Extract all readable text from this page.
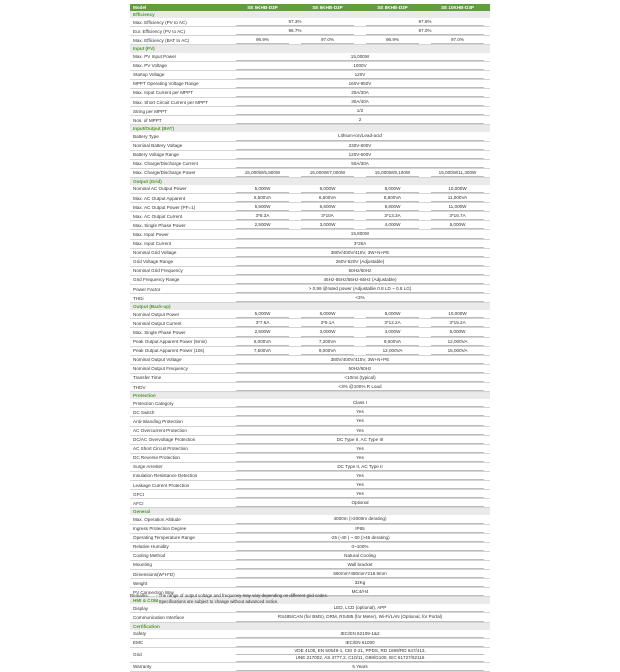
Model	SE 5KHB-D3P	SE 6KHB-D3P	SE 8KHB-D3P	SE 10KHB-D3P
Efficiency				
Max. Efficiency (PV to AC)	97.3%		97.8%	

Eur. Efficiency (PV to AC)	96.7%		97.0%	

Max. Efficiency (BAT to AC)	96.9%	97.0%	96.9%	97.0%

Input (PV)				
Max. PV Input Power	15,000W			

Max. PV Voltage	1000V			

Startup Voltage	120V			

MPPT Operating Voltage Range	160V-950V			

Max. Input Current per MPPT	20A/30A			

Max. Short Circuit Current per MPPT	30A/40A			

String per MPPT	1/2			

Nos. of MPPT	2			

Input/Output (BAT)				
Battery Type	Lithium-ion/Lead-acid			

Nominal Battery Voltage	230V-600V			

Battery Voltage Range	120V-600V			

Max. Charge/Discharge Current	50A/30A			

Max. Charge/Discharge Power	15,000W/5,800W	15,000W/7,000W	15,000W/9,100W	15,000W/11,300W

Output (Grid)				
Nominal AC Output Power	5,000W	6,000W	8,000W	10,000W

Max. AC Output Apparent	5,500VA	6,600VA	8,800VA	11,000VA

Max. AC Output Power (PF=1)	5,500W	6,600W	8,800W	11,000W

Max. AC Output Current	3*8.3A	3*10A	3*13.3A	3*16.7A

Max. Single Phase Power	2,500W	3,000W	4,000W	5,000W

Max. Input Power	15,800W			

Max. Input Current	3*25A			

Nominal Grid Voltage	380V/400V/415V, 3W+N+PE			

Grid Voltage Range	260V-520V (Adjustable)			

Nominal Grid Frequency	50Hz/60Hz			

Grid Frequency Range	45Hz-55Hz/55Hz-65Hz (Adjustable)			

Power Factor	> 0.99 @rated power (Adjustable 0.8 LD ~ 0.8 LG)			

THDi	<3%			

Output (Back-up)				
Nominal Output Power	5,000W	6,000W	8,000W	10,000W

Nominal Output Current	3*7.6A	3*9.1A	3*12.2A	3*15.2A

Max. Single Phase Power	2,500W	3,000W	4,000W	5,000W

Peak Output Apparent Power (5min)	6,000VA	7,200VA	9,600VA	12,000VA

Peak Output Apparent Power (10s)	7,500VA	9,000VA	12,000VA	15,000VA

Nominal Output Voltage	380V/400V/415V, 3W+N+PE			

Nominal Output Frequency	50Hz/60Hz			

Transfer Time	<10ms (typical)			

THDV	<3% @100% R Load			

Protection				
Protection Category	Class I			

DC Switch	Yes			

Anti-Islanding Protection	Yes			

AC Overcurrent Protection	Yes			

DC/AC Overvoltage Protection	DC Type II, AC Type III			

AC Short Circuit Protection	Yes			

DC Reverse Protection	Yes			

Surge Arrester	DC Type II, AC Type II			

Insulation Resistance Detection	Yes			

Leakage Current Protection	Yes			

GFCI	Yes			

AFCI	Optional			

General				
Max. Operation Altitude	4000m (>2000m derating)			

Ingress Protection Degree	IP65			

Operating Temperature Range	-25 (-40 ) ~ 60 (>45 derating)			

Relative Humidity	0~100%			

Cooling Method	Natural Cooling			

Mounting	Wall bracket			

Dimensions(W*H*D)	560mm*480mm*218.9mm			

Weight	32Kg			

PV Connection Way	MC4/H4			

HMI & COM				
Display	LED, LCD (optional), APP			

Communication Interface	RS485/CAN (for BMS), DRM, RS485 (for Meter), Wi-Fi/LAN (Optional, for Portal)			

Certification				
Safety	IEC/EN 62109-1&2			

EMC	IEC/EN 61000			

Grid	VDE 4105, EN 50549-1, CEI 0-21, PPDS, RD 1699/RD 647/413,
UNE 217002, AS 4777.2, C10/11, G98/G100, IEC 61727/62116			

Warranty	5 Years			
Remarks: - The range of output voltage and frequency may vary depending on different grid codes.
- Specifications are subject to change without advanced notice.
